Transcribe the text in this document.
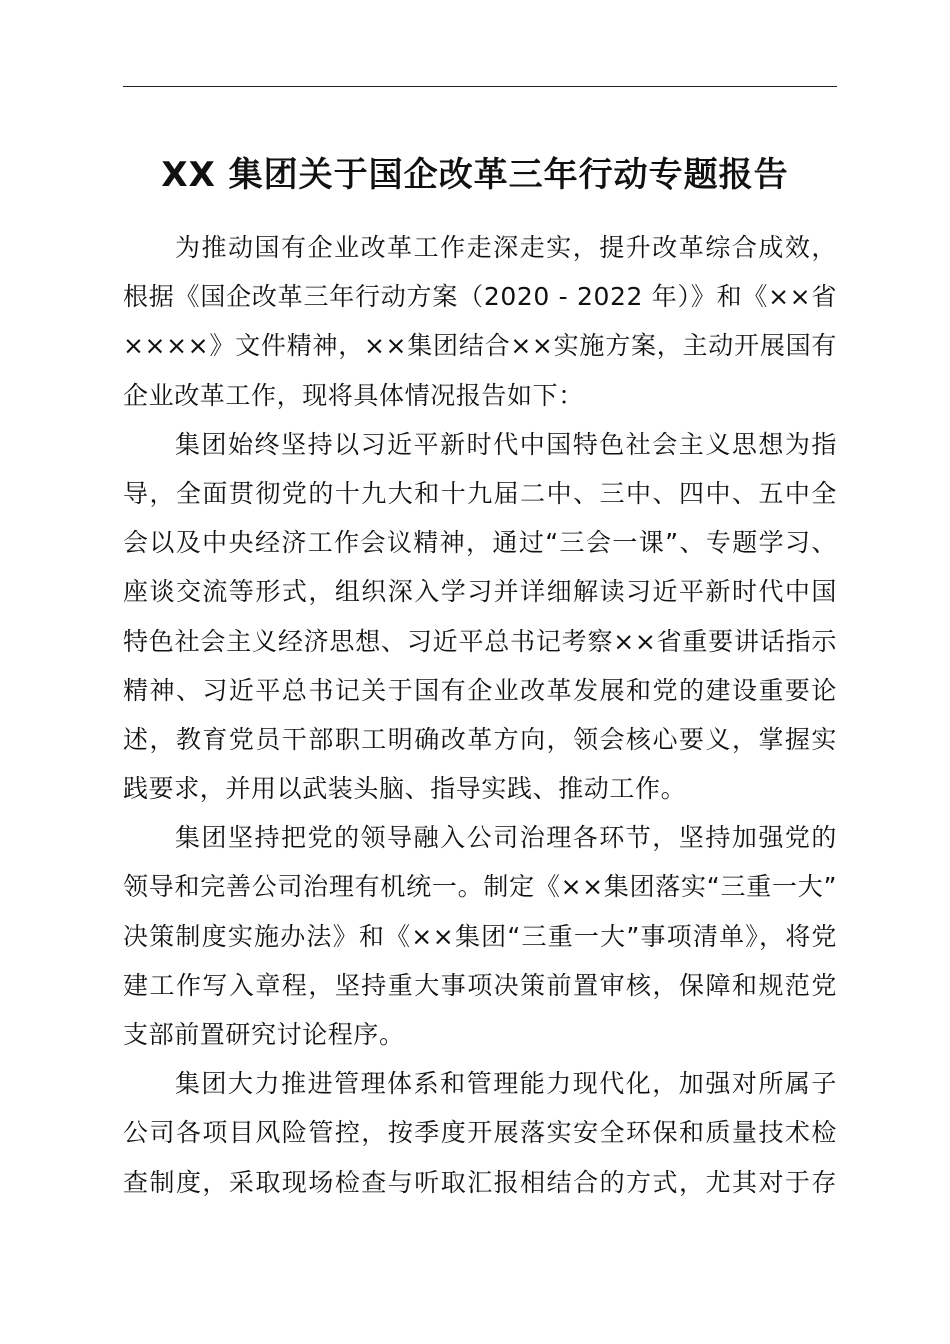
XX 集团关于国企改革三年行动专题报告
为推动国有企业改革工作走深走实，提升改革综合成效，
根据《国企改革三年行动方案（2020 - 2022 年）》和《××省
××××》文件精神，××集团结合××实施方案，主动开展国有
企业改革工作，现将具体情况报告如下：
集团始终坚持以习近平新时代中国特色社会主义思想为指
导，全面贯彻党的十九大和十九届二中、三中、四中、五中全
会以及中央经济工作会议精神，通过“三会一课”、专题学习、
座谈交流等形式，组织深入学习并详细解读习近平新时代中国
特色社会主义经济思想、习近平总书记考察××省重要讲话指示
精神、习近平总书记关于国有企业改革发展和党的建设重要论
述，教育党员干部职工明确改革方向，领会核心要义，掌握实
践要求，并用以武装头脑、指导实践、推动工作。
集团坚持把党的领导融入公司治理各环节，坚持加强党的
领导和完善公司治理有机统一。制定《××集团落实“三重一大”
决策制度实施办法》和《××集团“三重一大”事项清单》，将党
建工作写入章程，坚持重大事项决策前置审核，保障和规范党
支部前置研究讨论程序。
集团大力推进管理体系和管理能力现代化，加强对所属子
公司各项目风险管控，按季度开展落实安全环保和质量技术检
查制度，采取现场检查与听取汇报相结合的方式，尤其对于存
